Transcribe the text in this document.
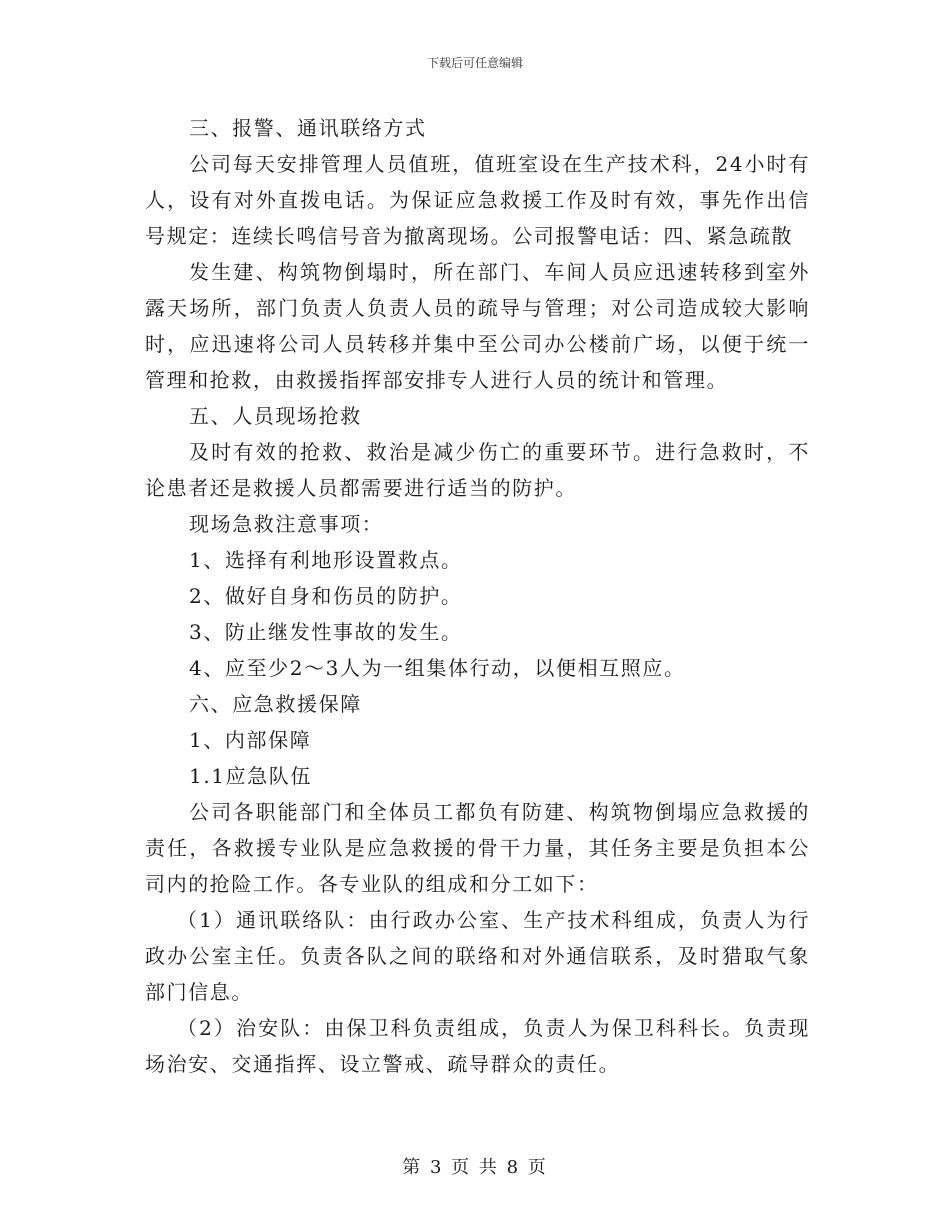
下载后可任意编辑

三、报警、通讯联络方式

公司每天安排管理人员值班，值班室设在生产技术科，24小时有人，设有对外直拨电话。为保证应急救援工作及时有效，事先作出信号规定：连续长鸣信号音为撤离现场。公司报警电话：四、紧急疏散

发生建、构筑物倒塌时，所在部门、车间人员应迅速转移到室外露天场所，部门负责人负责人员的疏导与管理；对公司造成较大影响时，应迅速将公司人员转移并集中至公司办公楼前广场，以便于统一管理和抢救，由救援指挥部安排专人进行人员的统计和管理。

五、人员现场抢救

及时有效的抢救、救治是减少伤亡的重要环节。进行急救时，不论患者还是救援人员都需要进行适当的防护。

现场急救注意事项：

1、选择有利地形设置救点。

2、做好自身和伤员的防护。

3、防止继发性事故的发生。

4、应至少2～3人为一组集体行动，以便相互照应。

六、应急救援保障

1、内部保障

1.1应急队伍

公司各职能部门和全体员工都负有防建、构筑物倒塌应急救援的责任，各救援专业队是应急救援的骨干力量，其任务主要是负担本公司内的抢险工作。各专业队的组成和分工如下：

（1）通讯联络队：由行政办公室、生产技术科组成，负责人为行政办公室主任。负责各队之间的联络和对外通信联系，及时猎取气象部门信息。

（2）治安队：由保卫科负责组成，负责人为保卫科科长。负责现场治安、交通指挥、设立警戒、疏导群众的责任。

第 3 页 共 8 页
